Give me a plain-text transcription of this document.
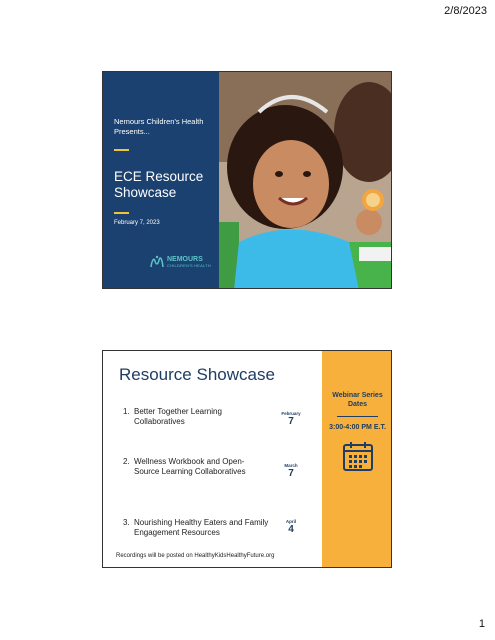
2/8/2023
Nemours Children's Health Presents...
ECE Resource Showcase
February 7, 2023
NEMOURS
CHILDREN'S HEALTH
Resource Showcase
1. Better Together Learning Collaboratives
February
7
2. Wellness Workbook and Open-Source Learning Collaboratives
March
7
3. Nourishing Healthy Eaters and Family Engagement Resources
April
4
Recordings will be posted on HealthyKidsHealthyFuture.org
Webinar Series Dates
3:00-4:00 PM E.T.
1
